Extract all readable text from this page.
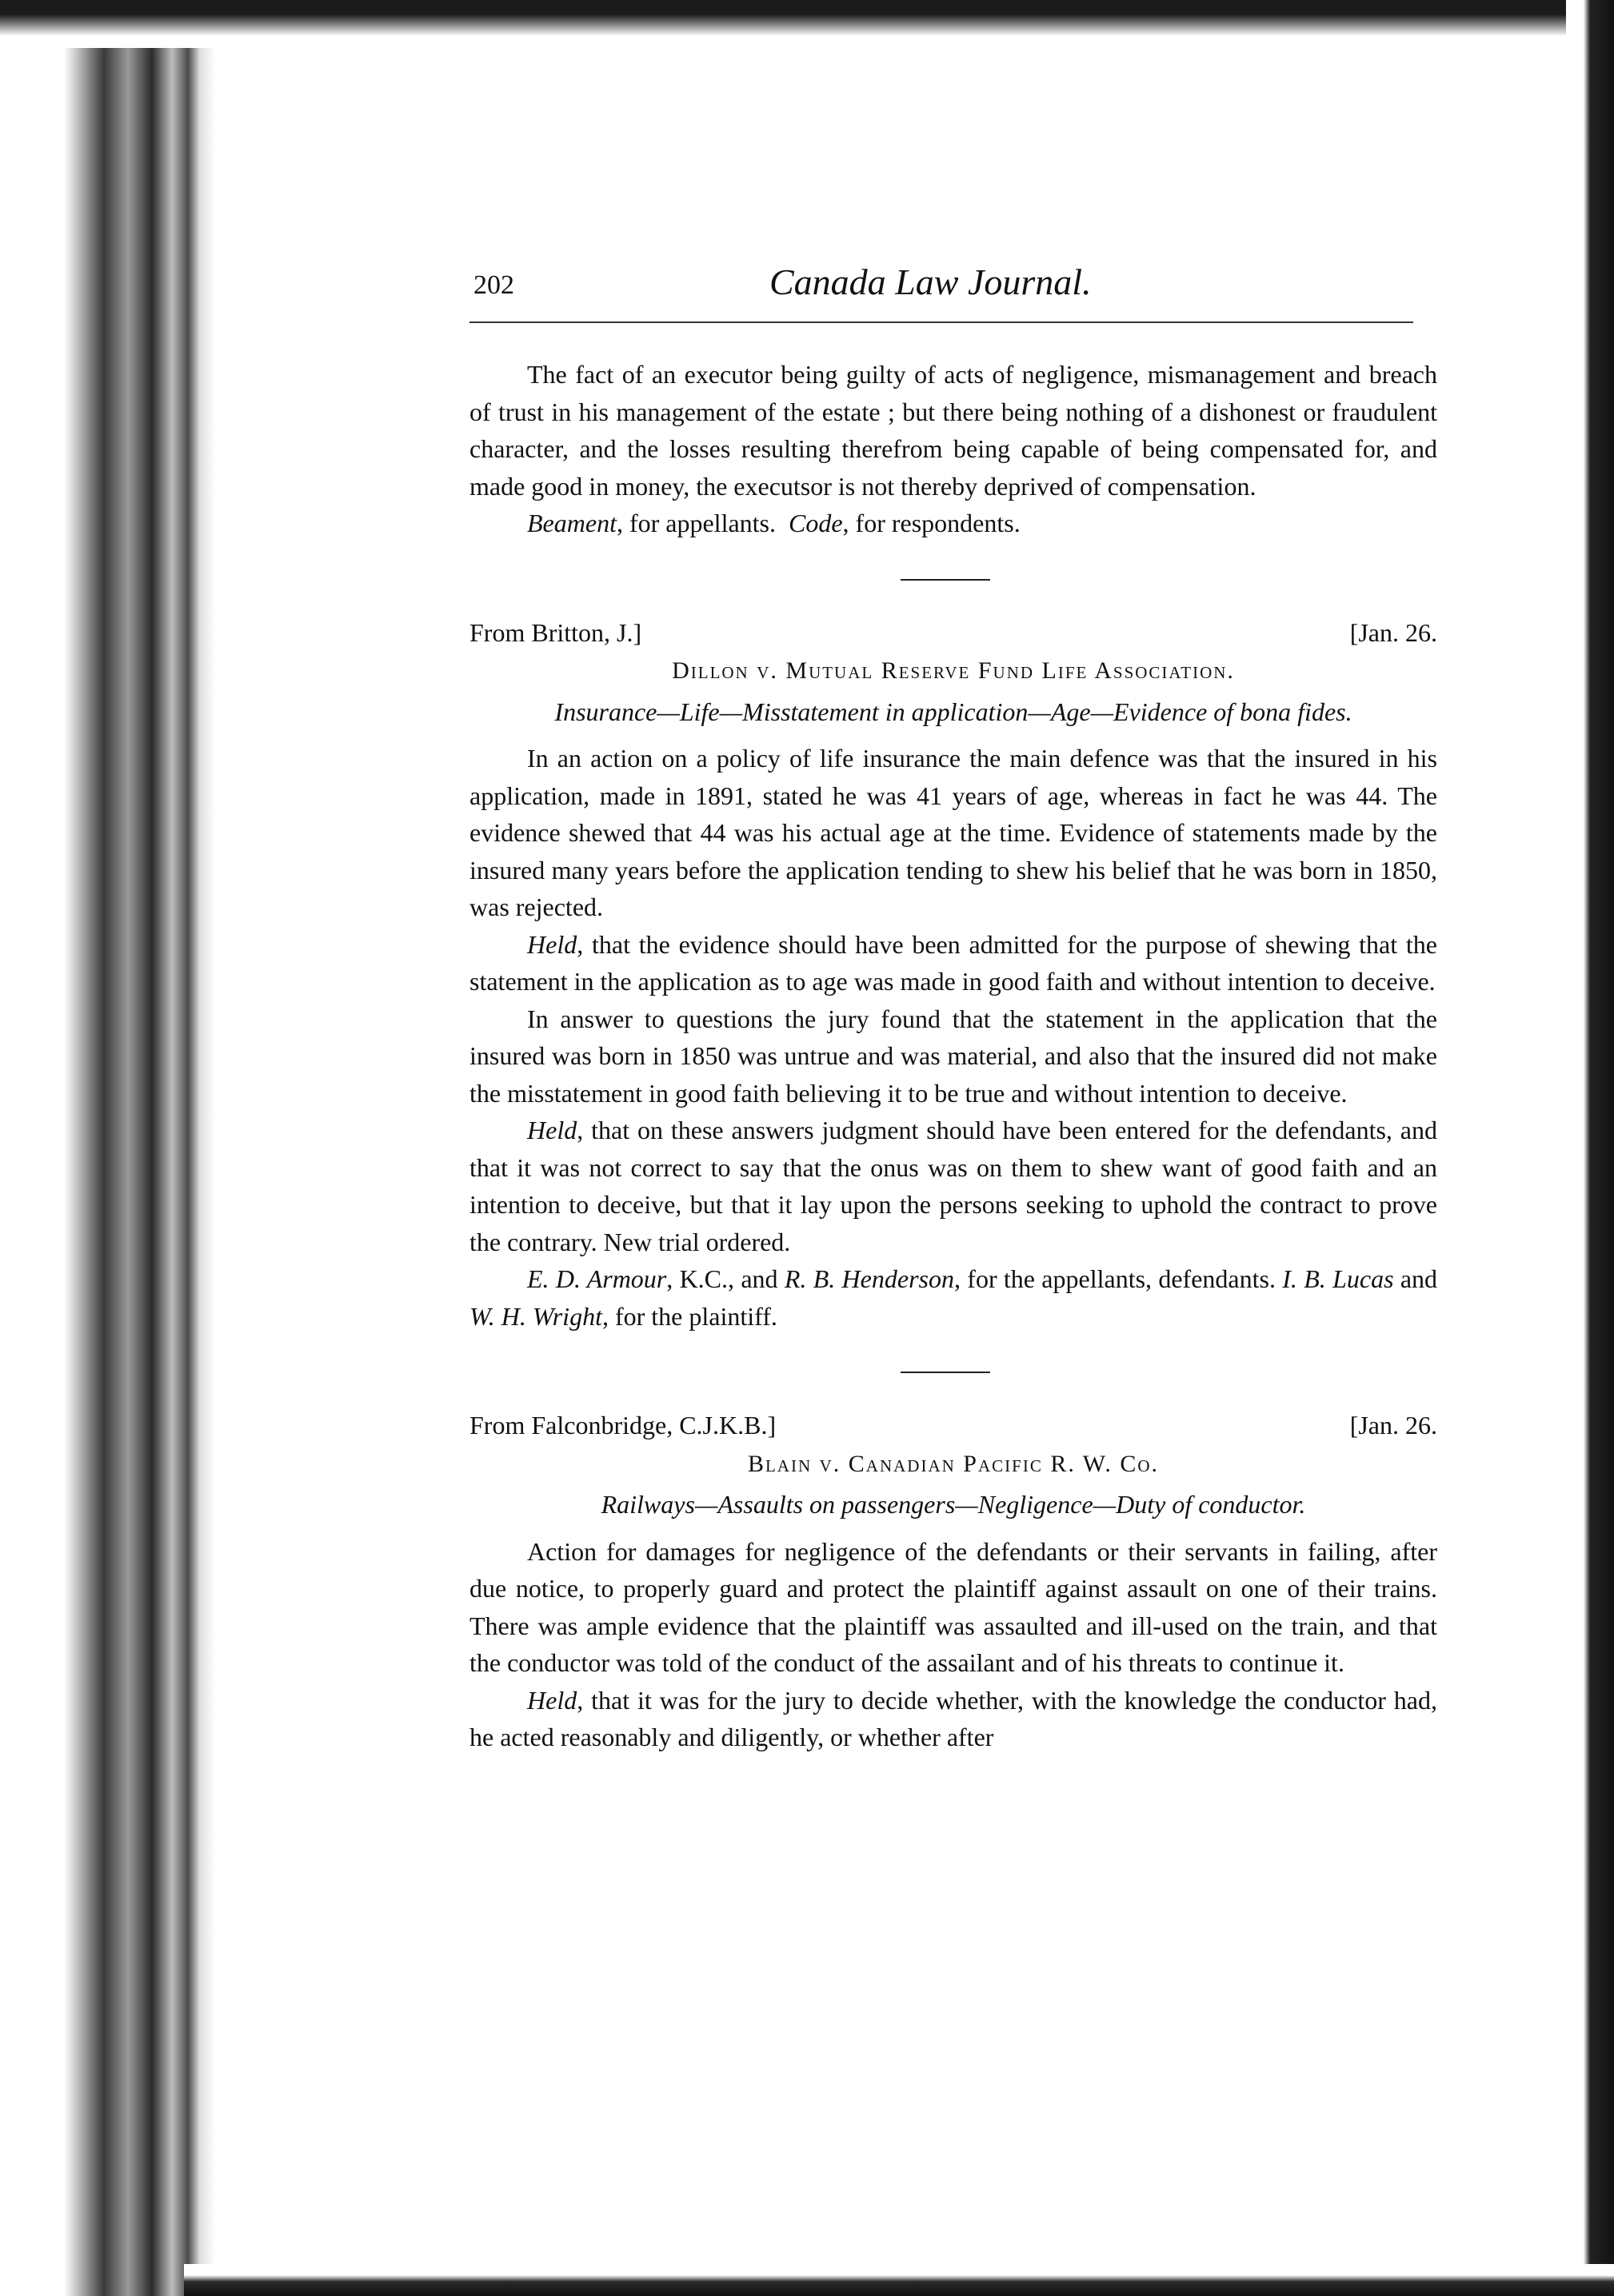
202	Canada Law Journal.

The fact of an executor being guilty of acts of negligence, mismanagement and breach of trust in his management of the estate ; but there being nothing of a dishonest or fraudulent character, and the losses resulting therefrom being capable of being compensated for, and made good in money, the executsor is not thereby deprived of compensation.

Beament, for appellants. Code, for respondents.

From Britton, J.]	[Jan. 26.
Dillon v. Mutual Reserve Fund Life Association.
Insurance—Life—Misstatement in application—Age—Evidence of bona fides.

In an action on a policy of life insurance the main defence was that the insured in his application, made in 1891, stated he was 41 years of age, whereas in fact he was 44. The evidence shewed that 44 was his actual age at the time. Evidence of statements made by the insured many years before the application tending to shew his belief that he was born in 1850, was rejected.

Held, that the evidence should have been admitted for the purpose of shewing that the statement in the application as to age was made in good faith and without intention to deceive.

In answer to questions the jury found that the statement in the application that the insured was born in 1850 was untrue and was material, and also that the insured did not make the misstatement in good faith believing it to be true and without intention to deceive.

Held, that on these answers judgment should have been entered for the defendants, and that it was not correct to say that the onus was on them to shew want of good faith and an intention to deceive, but that it lay upon the persons seeking to uphold the contract to prove the contrary. New trial ordered.

E. D. Armour, K.C., and R. B. Henderson, for the appellants, defendants. I. B. Lucas and W. H. Wright, for the plaintiff.

From Falconbridge, C.J.K.B.]	[Jan. 26.
Blain v. Canadian Pacific R. W. Co.
Railways—Assaults on passengers—Negligence—Duty of conductor.

Action for damages for negligence of the defendants or their servants in failing, after due notice, to properly guard and protect the plaintiff against assault on one of their trains. There was ample evidence that the plaintiff was assaulted and ill-used on the train, and that the conductor was told of the conduct of the assailant and of his threats to continue it.

Held, that it was for the jury to decide whether, with the knowledge the conductor had, he acted reasonably and diligently, or whether after
